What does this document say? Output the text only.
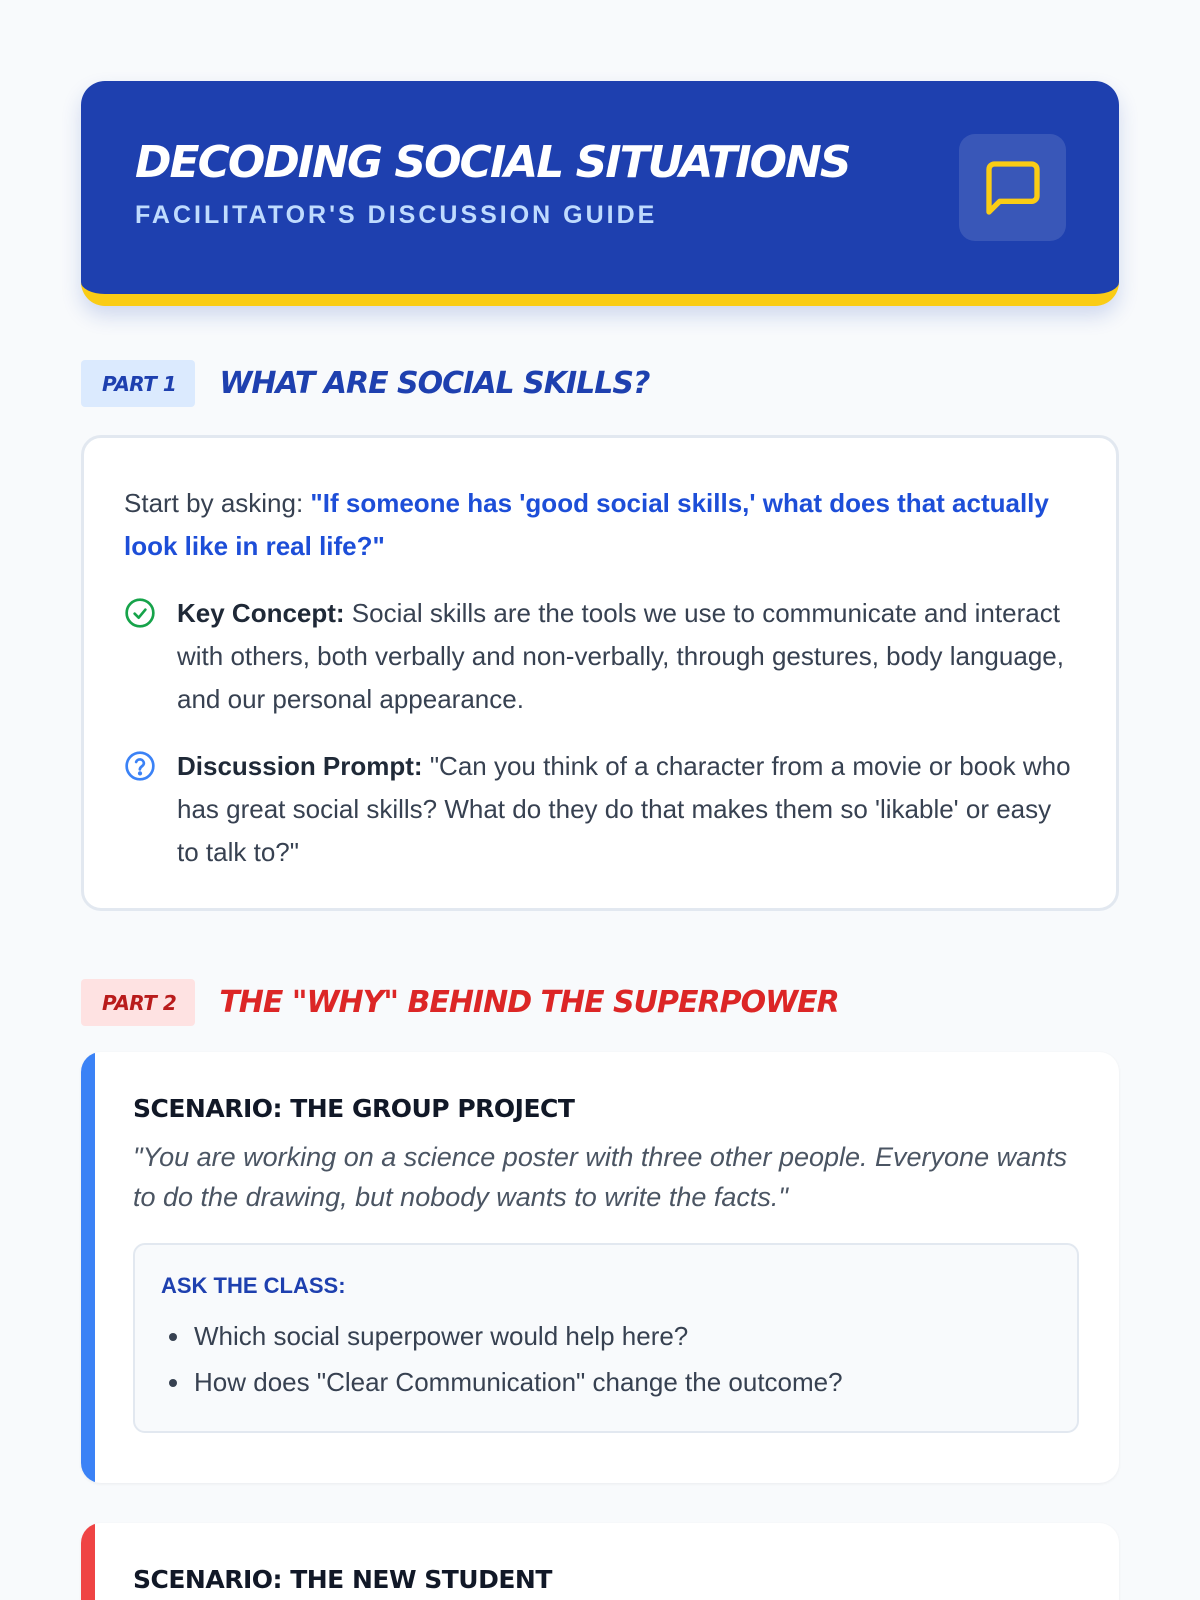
DECODING SOCIAL SITUATIONS
FACILITATOR'S DISCUSSION GUIDE
PART 1	WHAT ARE SOCIAL SKILLS?
Start by asking: "If someone has 'good social skills,' what does that actually look like in real life?"
Key Concept: Social skills are the tools we use to communicate and interact with others, both verbally and non-verbally, through gestures, body language, and our personal appearance.
Discussion Prompt: "Can you think of a character from a movie or book who has great social skills? What do they do that makes them so 'likable' or easy to talk to?"
PART 2	THE "WHY" BEHIND THE SUPERPOWER
SCENARIO: THE GROUP PROJECT
"You are working on a science poster with three other people. Everyone wants to do the drawing, but nobody wants to write the facts."
ASK THE CLASS:
Which social superpower would help here?
How does "Clear Communication" change the outcome?
SCENARIO: THE NEW STUDENT
